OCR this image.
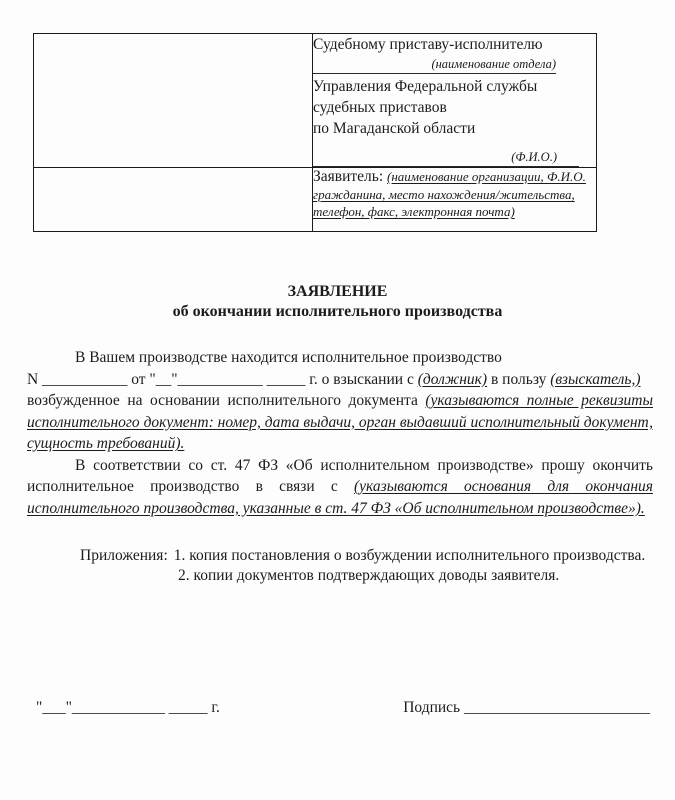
Судебному приставу-исполнителю
(наименование отдела)
Управления Федеральной службы
судебных приставов
по Магаданской области
(Ф.И.О.)

	Заявитель: (наименование организации, Ф.И.О. гражданина, место нахождения/жительства, телефон, факс, электронная почта)
ЗАЯВЛЕНИЕ
об окончании исполнительного производства

В Вашем производстве находится исполнительное производство
N ___________ от "__"___________ _____ г. о взыскании с (должник) в пользу (взыскатель,)
возбужденное на основании исполнительного документа (указываются полные реквизиты исполнительного документ: номер, дата выдачи, орган выдавший исполнительный документ, сущность требований).

В соответствии со ст. 47 ФЗ «Об исполнительном производстве» прошу окончить исполнительное производство в связи с (указываются основания для окончания исполнительного производства, указанные в ст. 47 ФЗ «Об исполнительном производстве»).

Приложения: 1. копия постановления о возбуждении исполнительного производства.
2. копии документов подтверждающих доводы заявителя.
"___"____________ _____ г.	Подпись ________________________
